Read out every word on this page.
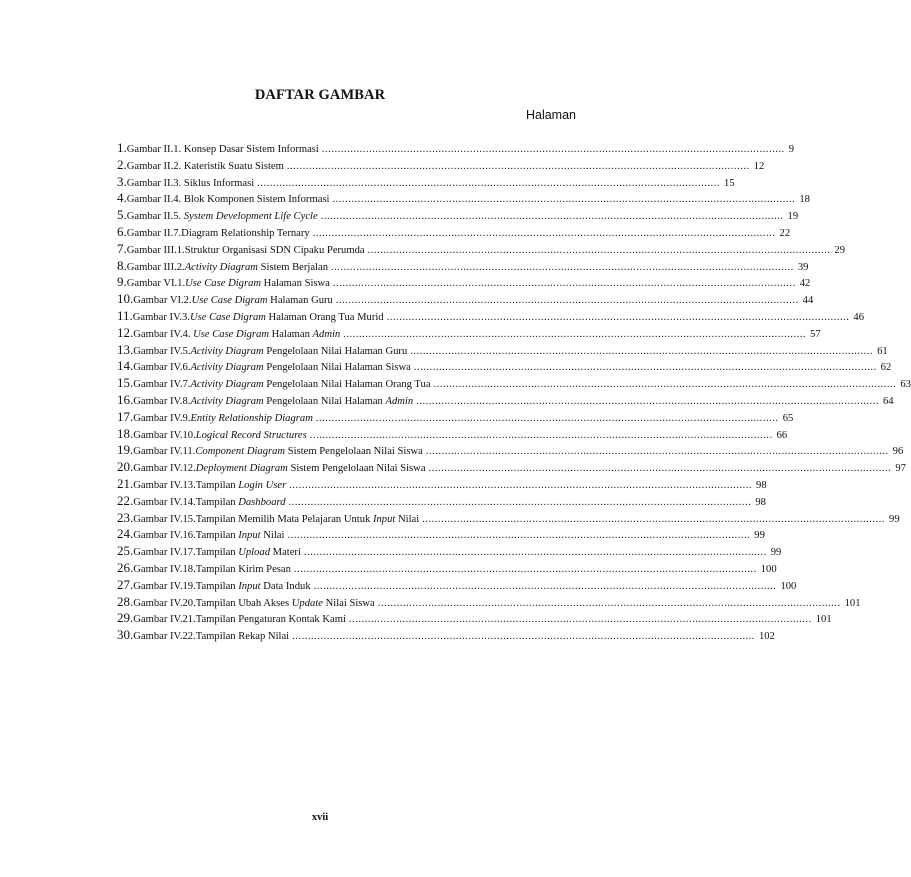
DAFTAR GAMBAR
Halaman
1. Gambar II.1. Konsep Dasar Sistem Informasi .....	9
2. Gambar II.2. Kateristik Suatu Sistem .....	12
3. Gambar II.3. Siklus Informasi .....	15
4. Gambar II.4. Blok Komponen Sistem Informasi .....	18
5. Gambar II.5. System Development Life Cycle .....	19
6. Gambar II.7.Diagram Relationship Ternary .....	22
7. Gambar III.1.Struktur Organisasi SDN Cipaku Perumda .....	29
8. Gambar III.2.Activity Diagram Sistem Berjalan .....	39
9. Gambar VI.1.Use Case Digram Halaman Siswa .....	42
10. Gambar VI.2.Use Case Digram Halaman Guru .....	44
11. Gambar IV.3.Use Case Digram Halaman Orang Tua Murid .....	46
12. Gambar IV.4. Use Case Digram Halaman Admin .....	57
13. Gambar IV.5.Activity Diagram Pengelolaan Nilai Halaman Guru .....	61
14. Gambar IV.6.Activity Diagram Pengelolaan Nilai Halaman Siswa .....	62
15. Gambar IV.7.Activity Diagram Pengelolaan Nilai Halaman Orang Tua .....	63
16. Gambar IV.8.Activity Diagram Pengelolaan Nilai Halaman Admin .....	64
17. Gambar IV.9.Entity Relationship Diagram .....	65
18. Gambar IV.10.Logical Record Structures .....	66
19. Gambar IV.11.Component Diagram Sistem Pengelolaan Nilai Siswa .....	96
20. Gambar IV.12.Deployment Diagram Sistem Pengelolaan Nilai Siswa .....	97
21. Gambar IV.13.Tampilan Login User .....	98
22. Gambar IV.14.Tampilan Dashboard .....	98
23. Gambar IV.15.Tampilan Memilih Mata Pelajaran Untuk Input Nilai .....	99
24. Gambar IV.16.Tampilan Input Nilai .....	99
25. Gambar IV.17.Tampilan Upload Materi .....	99
26. Gambar IV.18.Tampilan Kirim Pesan .....	100
27. Gambar IV.19.Tampilan Input Data Induk .....	100
28. Gambar IV.20.Tampilan Ubah Akses Update Nilai Siswa .....	101
29. Gambar IV.21.Tampilan Pengaturan Kontak Kami .....	101
30. Gambar IV.22.Tampilan Rekap Nilai .....	102
xvii
